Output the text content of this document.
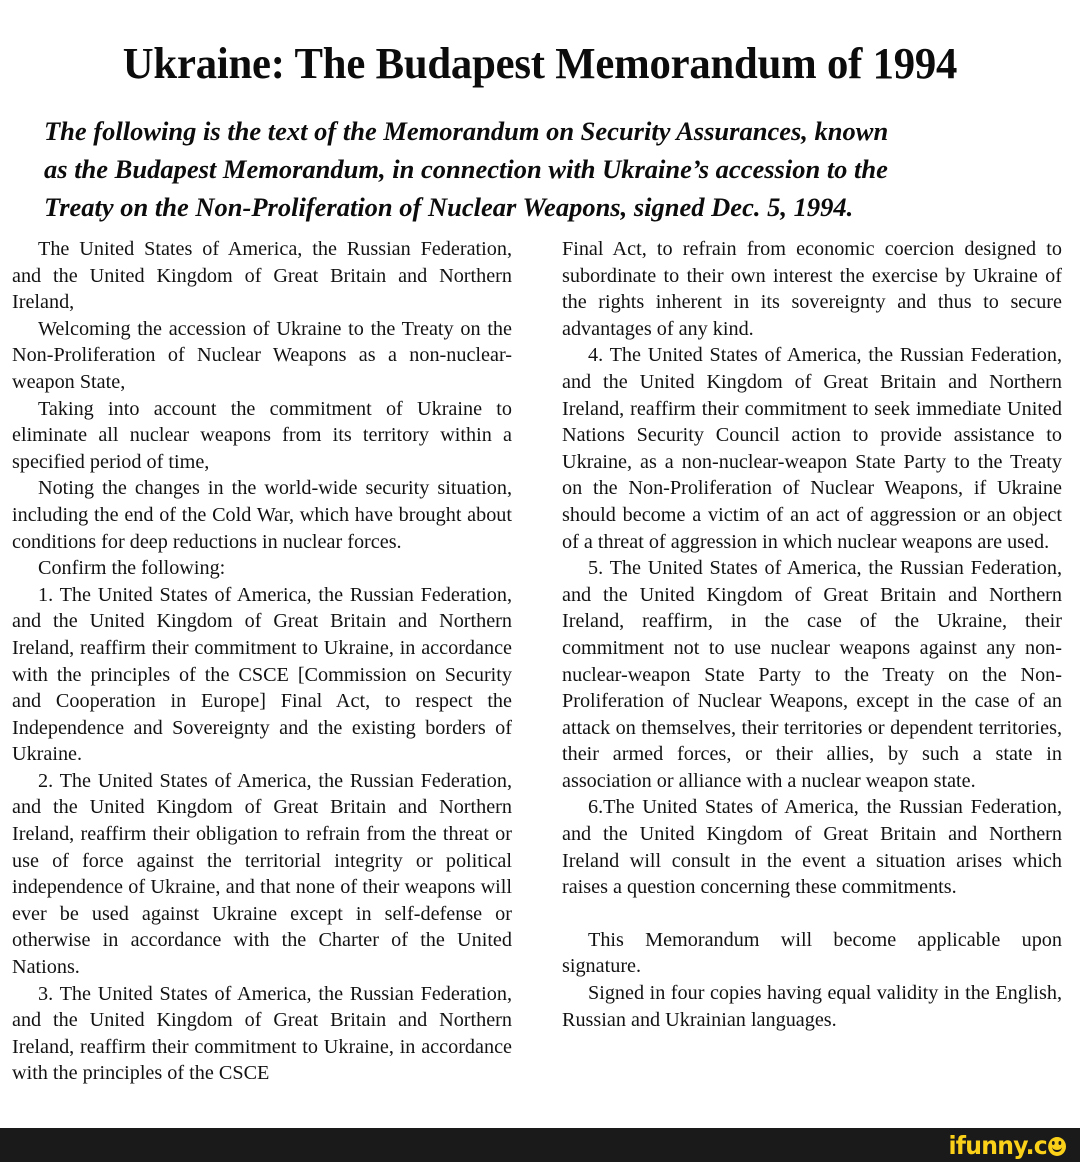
Ukraine: The Budapest Memorandum of 1994
The following is the text of the Memorandum on Security Assurances, known
as the Budapest Memorandum, in connection with Ukraine’s accession to the
Treaty on the Non-Proliferation of Nuclear Weapons, signed Dec. 5, 1994.

The United States of America, the Russian Federation, and the United Kingdom of Great Britain and Northern Ireland,

Welcoming the accession of Ukraine to the Treaty on the Non-Proliferation of Nuclear Weapons as a non-nuclear-weapon State,

Taking into account the commitment of Ukraine to eliminate all nuclear weapons from its territory within a specified period of time,

Noting the changes in the world-wide security situation, including the end of the Cold War, which have brought about conditions for deep reductions in nuclear forces.

Confirm the following:

1. The United States of America, the Russian Federation, and the United Kingdom of Great Britain and Northern Ireland, reaffirm their commitment to Ukraine, in accordance with the principles of the CSCE [Commission on Security and Cooperation in Europe] Final Act, to respect the Independence and Sovereignty and the existing borders of Ukraine.

2. The United States of America, the Russian Federation, and the United Kingdom of Great Britain and Northern Ireland, reaffirm their obligation to refrain from the threat or use of force against the territorial integrity or political independence of Ukraine, and that none of their weapons will ever be used against Ukraine except in self-defense or otherwise in accordance with the Charter of the United Nations.

3. The United States of America, the Russian Federation, and the United Kingdom of Great Britain and Northern Ireland, reaffirm their commitment to Ukraine, in accordance with the principles of the CSCE

Final Act, to refrain from economic coercion designed to subordinate to their own interest the exercise by Ukraine of the rights inherent in its sovereignty and thus to secure advantages of any kind.

4. The United States of America, the Russian Federation, and the United Kingdom of Great Britain and Northern Ireland, reaffirm their commitment to seek immediate United Nations Security Council action to provide assistance to Ukraine, as a non-nuclear-weapon State Party to the Treaty on the Non-Proliferation of Nuclear Weapons, if Ukraine should become a victim of an act of aggression or an object of a threat of aggression in which nuclear weapons are used.

5. The United States of America, the Russian Federation, and the United Kingdom of Great Britain and Northern Ireland, reaffirm, in the case of the Ukraine, their commitment not to use nuclear weapons against any non-nuclear-weapon State Party to the Treaty on the Non-Proliferation of Nuclear Weapons, except in the case of an attack on themselves, their territories or dependent territories, their armed forces, or their allies, by such a state in association or alliance with a nuclear weapon state.

6.The United States of America, the Russian Federation, and the United Kingdom of Great Britain and Northern Ireland will consult in the event a situation arises which raises a question concerning these commitments.

This Memorandum will become applicable upon signature.

Signed in four copies having equal validity in the English, Russian and Ukrainian languages.

ifunny.c
